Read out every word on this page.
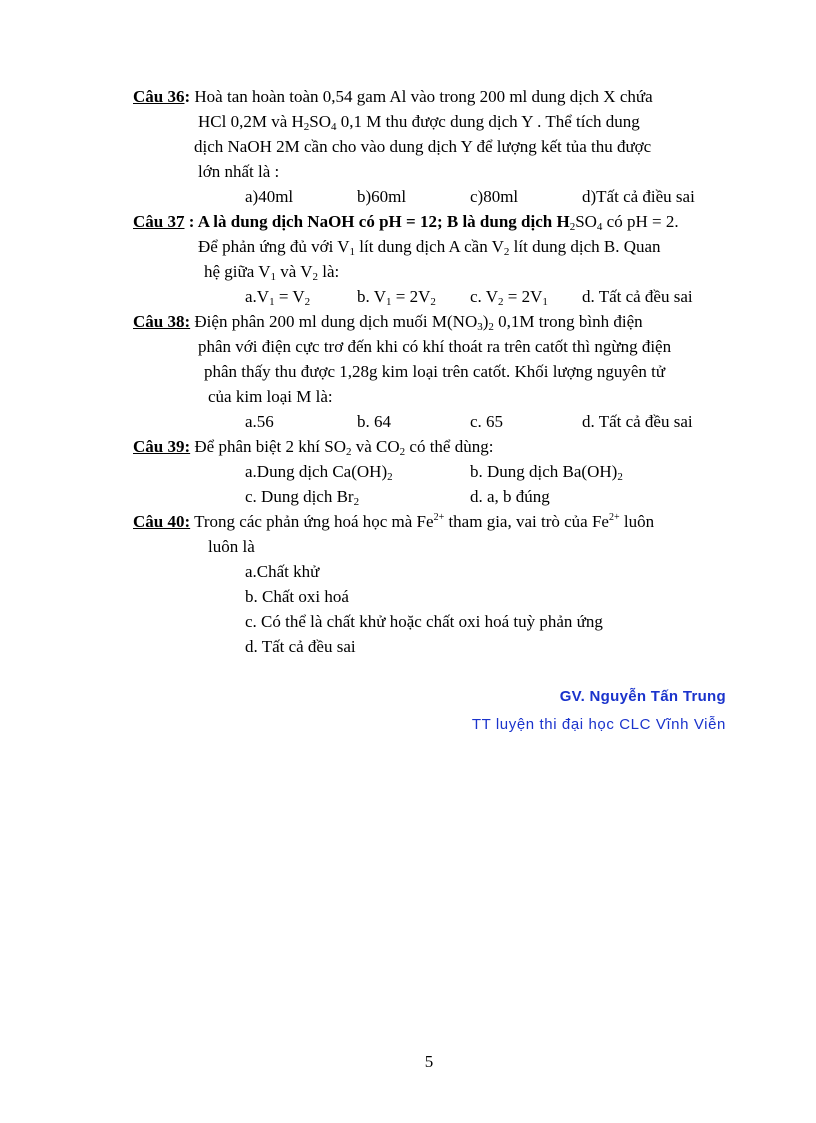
Câu 36: Hoà tan hoàn toàn 0,54 gam Al vào trong 200 ml dung dịch X chứa
HCl 0,2M và $H_2SO_4$ 0,1 M thu được dung dịch Y . Thể tích dung
dịch NaOH 2M cần cho vào dung dịch Y để lượng kết tủa thu được
lớn nhất là :
a)40ml	b)60ml	c)80ml	d)Tất cả điều sai
Câu 37 : A là dung dịch NaOH có pH = 12; B là dung dịch $H_2SO_4$ có pH = 2.
Để phản ứng đủ với $V_1$ lít dung dịch A cần $V_2$ lít dung dịch B. Quan
hệ giữa $V_1$ và $V_2$ là:
$a.V_1 = V_2$	b. $V_1 = 2V_2$ c. $V_2 = 2V_1$ d. Tất cả đều sai
Câu 38: Điện phân 200 ml dung dịch muối $M(NO_3)_2$ 0,1M trong bình điện
phân với điện cực trơ đến khi có khí thoát ra trên catốt thì ngừng điện
phân thấy thu được 1,28g kim loại trên catốt. Khối lượng nguyên tử
của kim loại M là:
a.56	b. 64	c. 65	d. Tất cả đều sai
Câu 39: Để phân biệt 2 khí $SO_2$ và $CO_2$ có thể dùng:
a.Dung dịch $Ca(OH)_2$	b. Dung dịch $Ba(OH)_2$
c. Dung dịch $Br_2$	d. a, b đúng
Câu 40: Trong các phản ứng hoá học mà $Fe^{2+}$ tham gia, vai trò của $Fe^{2+}$ luôn
luôn là
a.Chất khử
b. Chất oxi hoá
c. Có thể là chất khử hoặc chất oxi hoá tuỳ phản ứng
d. Tất cả đều sai
GV. Nguyễn Tấn Trung
TT luyện thi đại học CLC Vĩnh Viễn
5
